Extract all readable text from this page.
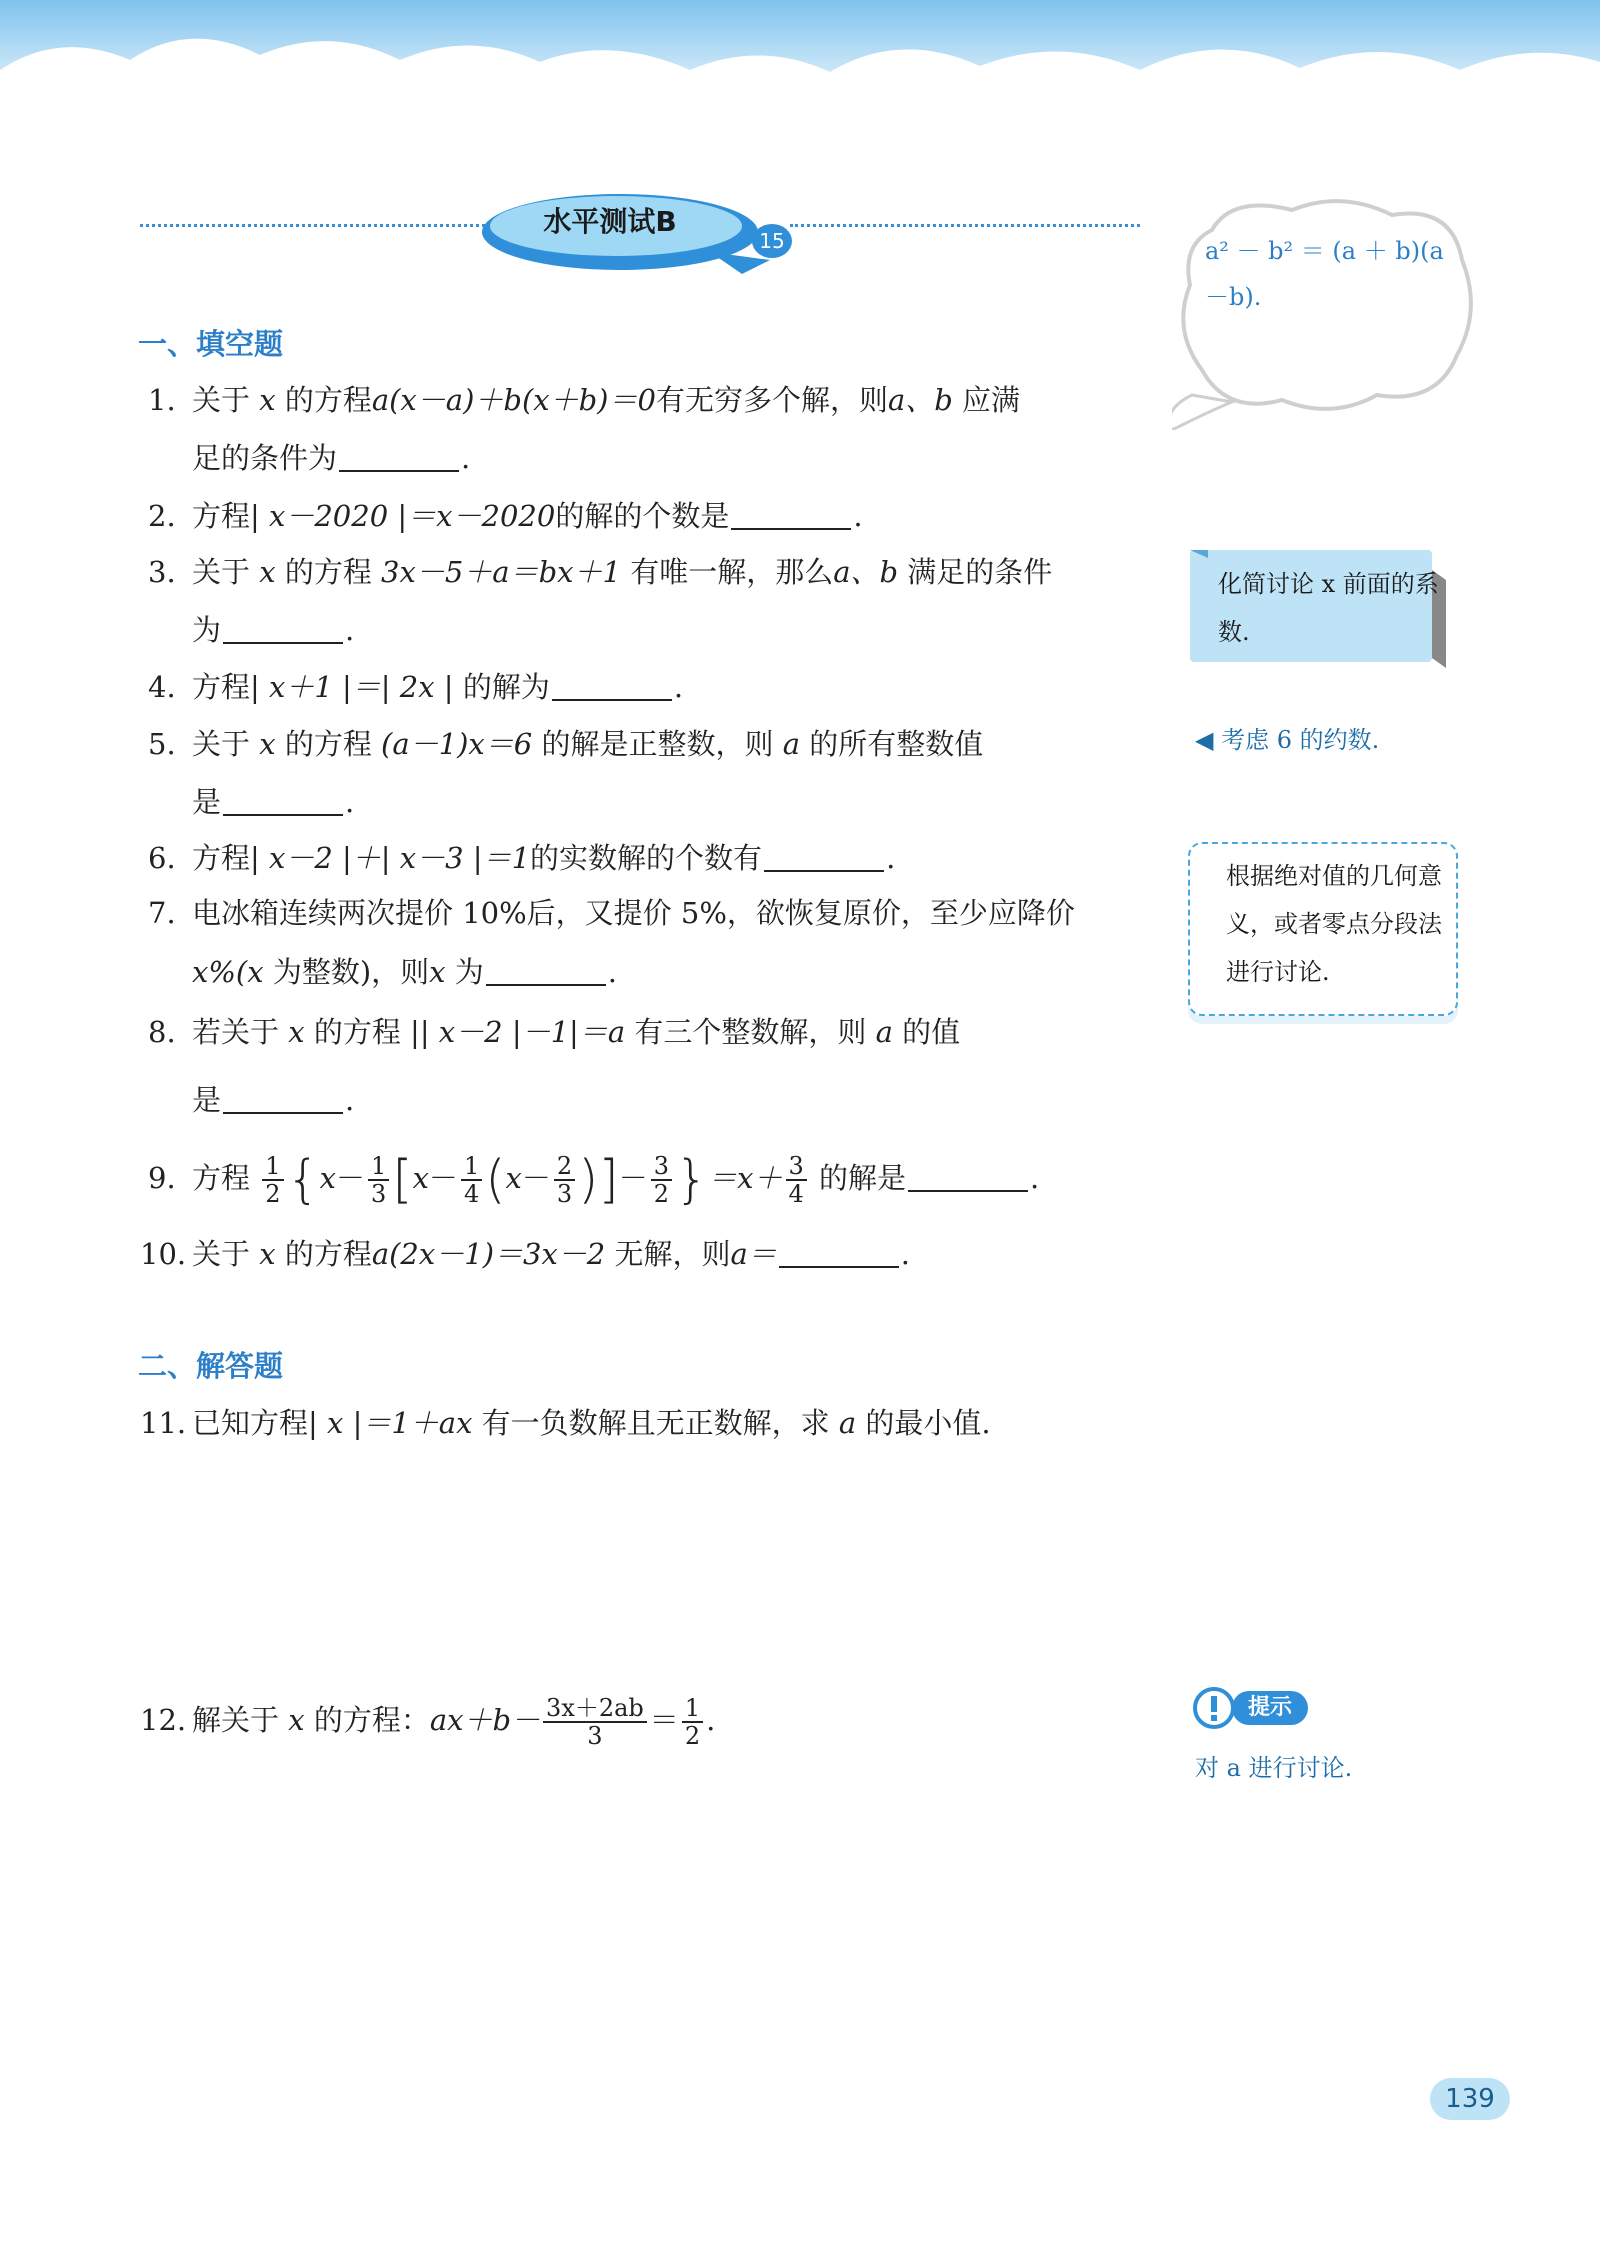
水平测试B
15
一、填空题
二、解答题
1. 关于 x 的方程a(x－a)＋b(x＋b)＝0有无穷多个解，则a、b 应满
足的条件为	.
2. 方程| x－2020 |＝x－2020的解的个数是	.
3. 关于 x 的方程 3x－5＋a＝bx＋1 有唯一解，那么a、b 满足的条件
为	.
4. 方程| x＋1 |＝| 2x | 的解为	.
5. 关于 x 的方程 (a－1)x＝6 的解是正整数，则 a 的所有整数值
是	.
6. 方程| x－2 |＋| x－3 |＝1的实数解的个数有	.
7. 电冰箱连续两次提价 10%后，又提价 5%，欲恢复原价，至少应降价
x%(x 为整数)，则x 为	.
8. 若关于 x 的方程 || x－2 |－1|＝a 有三个整数解，则 a 的值
是	.
9. 方程 $\frac{1}{2} \{x- \frac{1}{3} [x- \frac{1}{4} (x- \frac{2}{3}$ )]－ $\frac{3}{2} \}=x+ \frac{3}{4}$ 的解是	.
10. 关于 x 的方程a(2x－1)＝3x－2 无解，则a＝	.
11. 已知方程| x |＝1＋ax 有一负数解且无正数解，求 a 的最小值.
12. 解关于 x 的方程：$ax+b- \frac{3x+2ab}{3} = \frac{1}{2}$ .
a² － b² ＝ (a ＋ b)(a－b).
化简讨论 x 前面的系数.
◀ 考虑 6 的约数.
根据绝对值的几何意义，或者零点分段法进行讨论.
提示
对 a 进行讨论.
139
